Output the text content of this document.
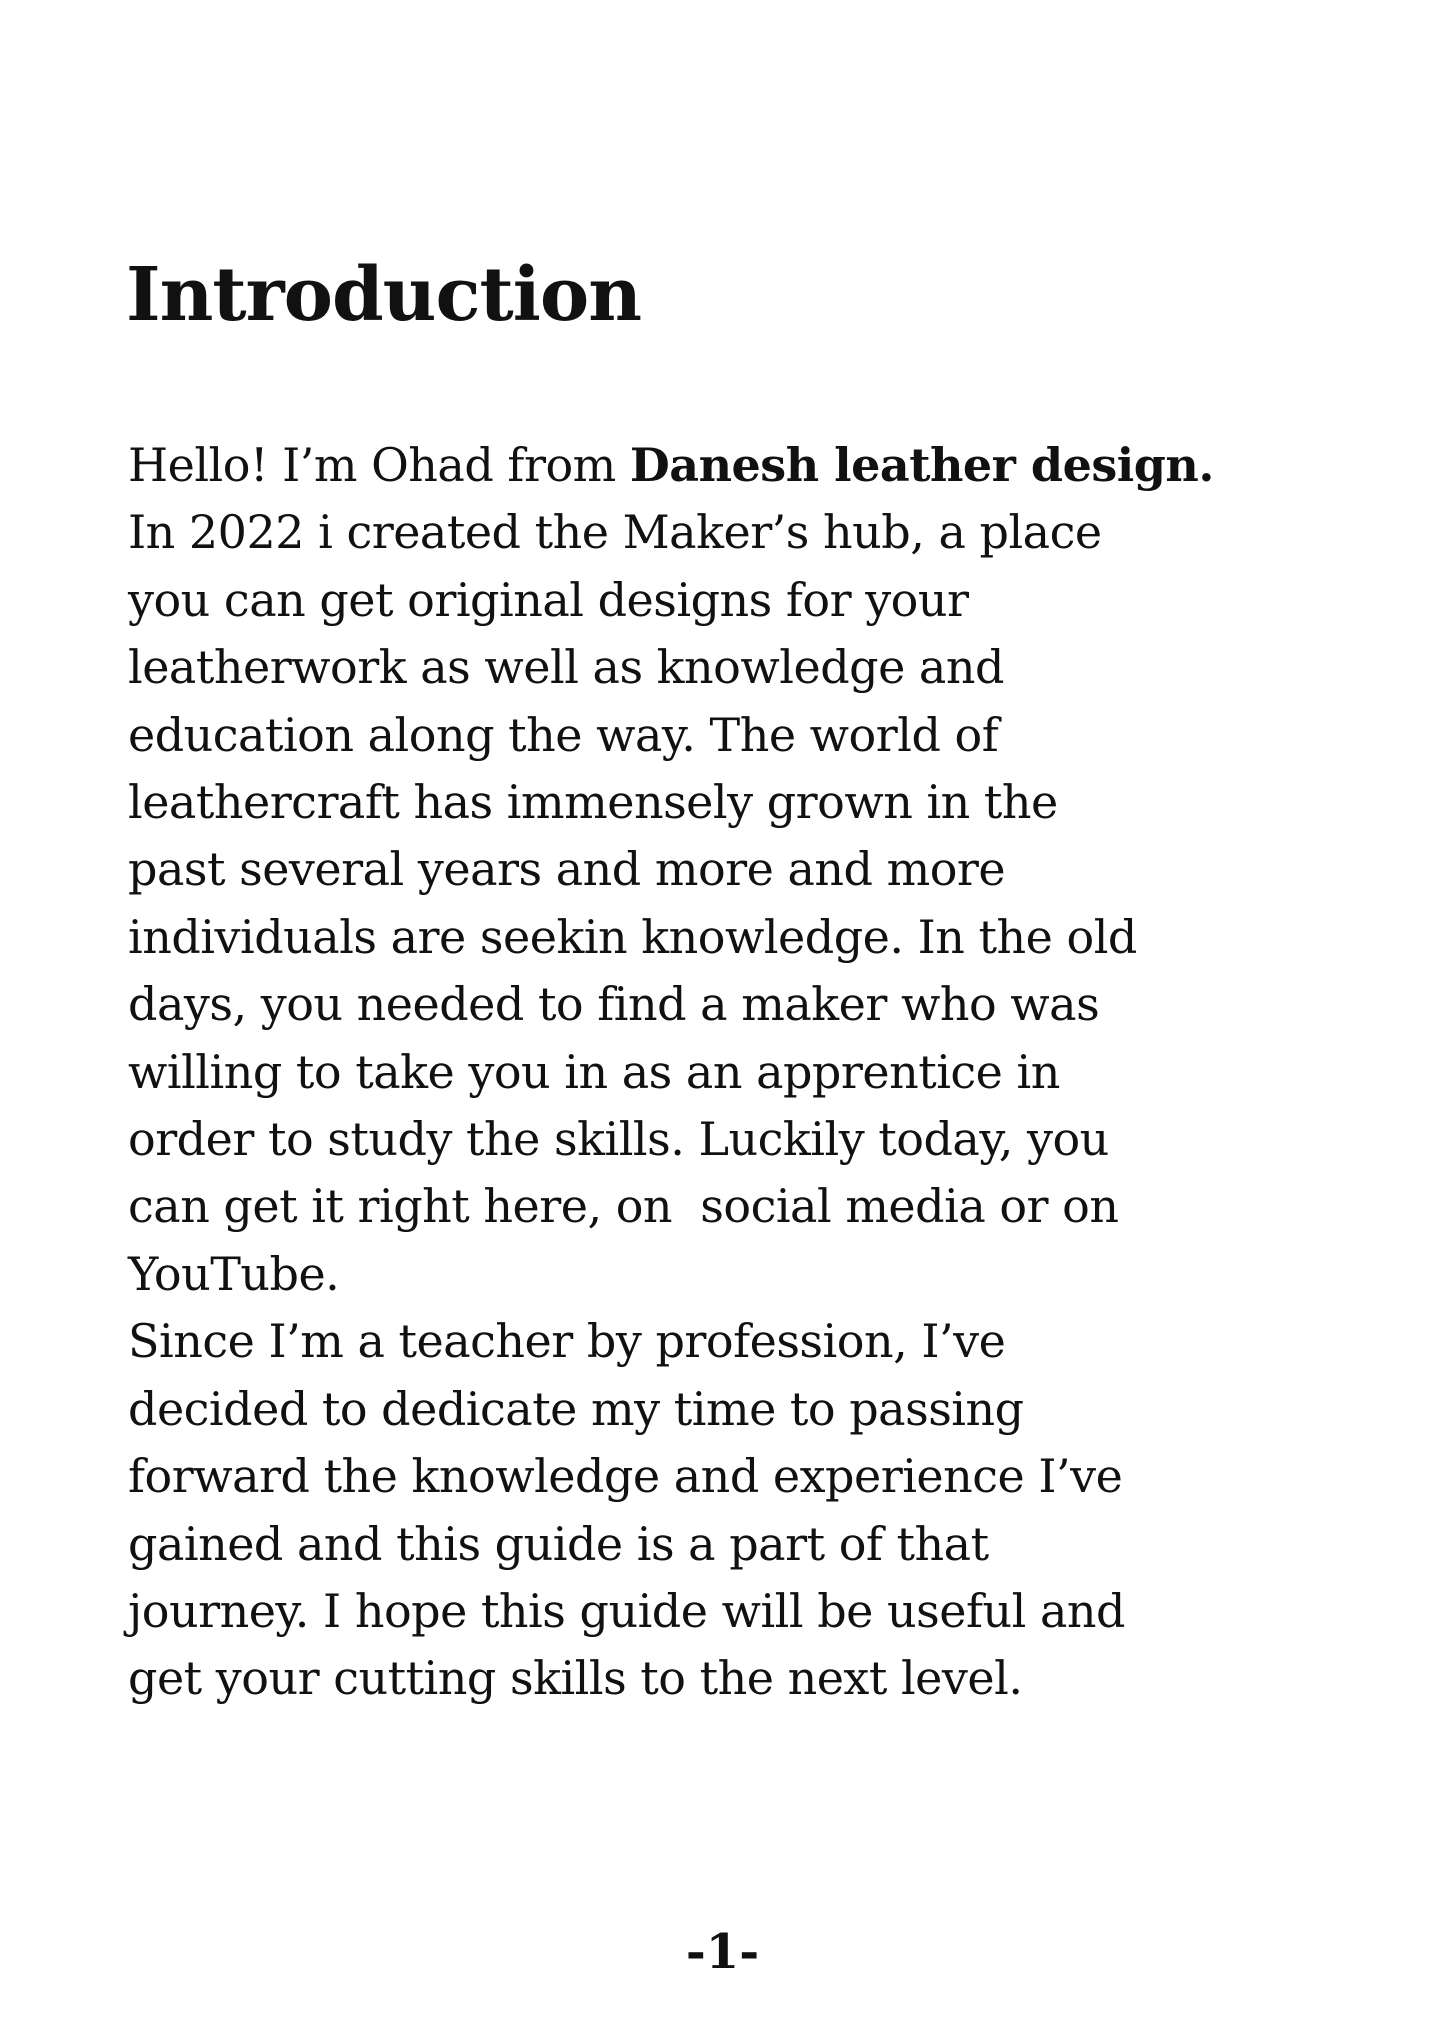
Introduction
Hello! I’m Ohad from Danesh leather design.
In 2022 i created the Maker’s hub, a place
you can get original designs for your
leatherwork as well as knowledge and
education along the way. The world of
leathercraft has immensely grown in the
past several years and more and more
individuals are seekin knowledge. In the old
days, you needed to find a maker who was
willing to take you in as an apprentice in
order to study the skills. Luckily today, you
can get it right here, on  social media or on
YouTube.
Since I’m a teacher by profession, I’ve
decided to dedicate my time to passing
forward the knowledge and experience I’ve
gained and this guide is a part of that
journey. I hope this guide will be useful and
get your cutting skills to the next level.
-1-
